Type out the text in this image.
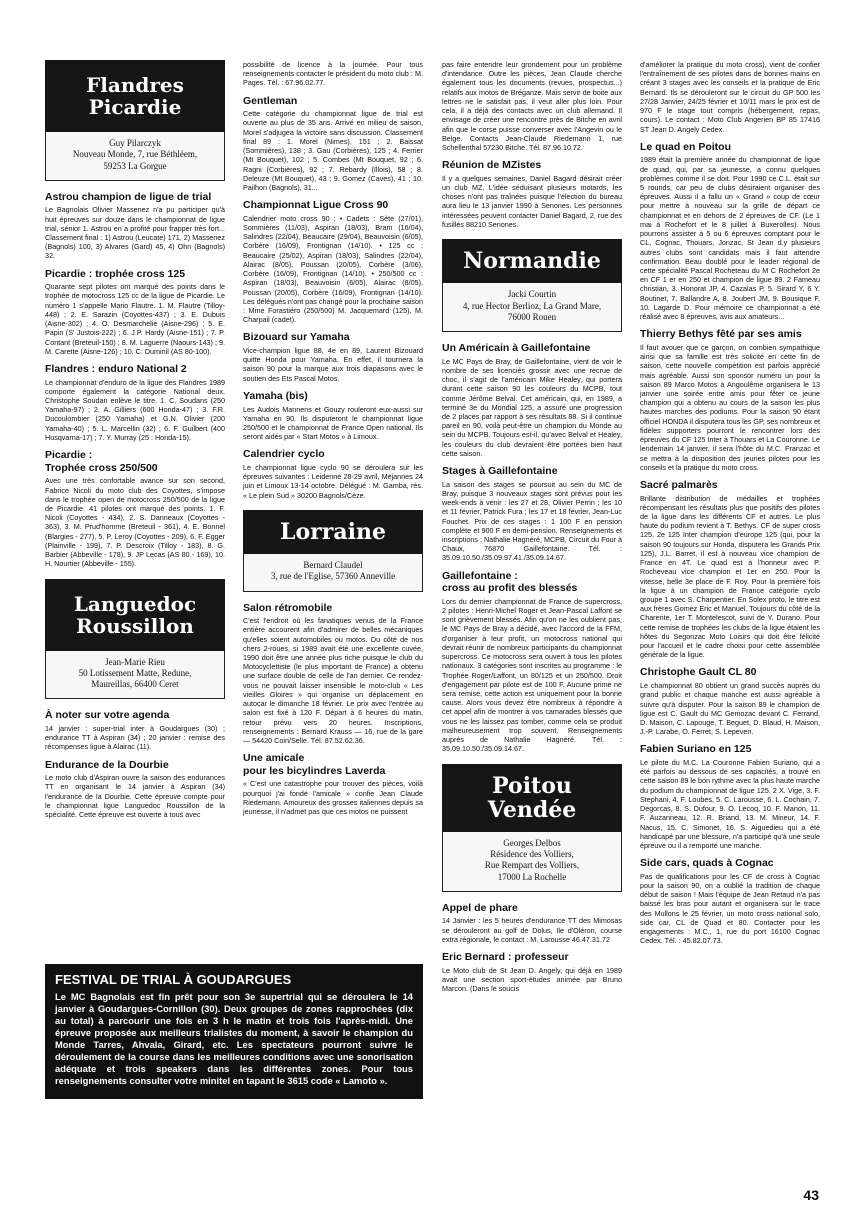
Flandres
Picardie
Guy Pilarczyk
Nouveau Monde, 7, rue Béthléem,
59253 La Gorgue
Astrou champion de ligue de trial

Le Bagnolais Olivier Massenez n'a pu participer qu'à huit épreuves sur douze dans le championnat de ligue trial, sénior 1. Astrou en a profité pour frapper très fort... Classement final : 1) Astrou (Leucate) 171, 2) Massenez (Bagnols) 100, 3) Alvares (Gard) 45, 4) Ohn (Bagnols) 32.

Picardie : trophée cross 125

Quarante sept pilotes ont marqué des points dans le trophée de motocross 125 cc de la ligue de Picardie. Le numéro 1 s'appelle Mario Flautre. 1. M. Flautre (Tilloy-448) ; 2. E. Sarazin (Coyottes-437) ; 3. E. Dubuis (Aisne-302) ; 4. O. Desmarchelie (Aisne-296) ; 5. E. Papin (S' Justois-222) ; 6. J.P. Hardy (Aisne-151) ; 7. P. Contant (Breteuil-150) ; 8. M. Laguerre (Naours-143) ; 9. M. Carette (Aisne-126) ; 10. C. Duminil (AS 80-100).

Flandres : enduro National 2

Le championnat d'enduro de la ligue des Flandres 1989 comporte également la catégorie National deux. Christophe Soudan enlève le titre. 1. C. Soudans (250 Yamaha-97) ; 2. A. Gilliers (600 Honda-47) ; 3. F.R. Ducoulombier (250 Yamaha) et G.N. Olivier (200 Yamaha-40) ; 5. L. Marcellin (32) ; 6. F. Guilbert (400 Husqvarna-17) ; 7. Y. Murray (25 : Honda-15).

Picardie :
Trophée cross 250/500

Avec une très confortable avance sur son second, Fabrice Nicoli du moto club des Coyottes, s'impose dans le trophée open de motocross 250/500 de la ligue de Picardie. 41 pilotes ont marqué des points. 1. F. Nicoli (Coyottes - 434), 2. S. Danneaux (Coyottes - 363), 3. M. Prud'homme (Breteuil - 361), 4. E. Bonnel (Blargies - 277), 5. P. Leroy (Coyottes - 209), 6. F. Egger (Plainville - 199), 7. P. Descroix (Tilloy - 183), 8. G. Barbier (Abbeville - 178), 9. JP Lecas (AS 80 - 169), 10. H. Nourtier (Abbeville - 155).

Languedoc
Roussillon
Jean-Marie Rieu
50 Lotissement Matte, Redune,
Maureillas, 66400 Ceret
À noter sur votre agenda

14 janvier : super-trial inter à Goudargues (30) ; endurance TT à Aspiran (34) ; 20 janvier : remise des récompenses ligue à Alairac (11).

Endurance de la Dourbie

Le moto club d'Aspiran ouvre la saison des endurances TT en organisant le 14 janvier à Aspiran (34) l'endurance de la Dourbie. Cette épreuve compte pour le championnat ligue Languedoc Roussillon de la spécialité. Cette épreuve est ouverte à tous avec

possibilité de licence à la journée. Pour tous renseignements contacter le président du moto club : M. Pages. Tél. : 67.96.02.77.

Gentleman

Cette catégorie du championnat ligue de trial est ouverte au plus de 35 ans. Arrivé en milieu de saison, Morel s'adjugea la victoire sans discussion. Classement final 89 : 1. Morel (Nimes), 151 ; 2. Baissat (Sommières), 138 ; 3. Gau (Corbières), 125 ; 4. Ferrier (Mt Bouquet), 102 ; 5. Combes (Mt Bouquet, 92 ; 6. Ragni (Corbières), 92 ; 7. Rebardy (Illois), 58 ; 8. Deleuze (Mt Bouquet), 43 ; 9. Gomez (Caves), 41 ; 10. Pailhon (Bagnols), 31...

Championnat Ligue Cross 90

Calendrier moto cross 90 : • Cadets : Sète (27/01), Sommières (11/03), Aspiran (18/03), Bram (16/04), Salindres (22/04), Beaucaire (29/04), Beauvoisin (6/05), Corbère (16/09), Frontignan (14/10). • 125 cc : Beaucaire (25/02), Aspiran (18/03), Salindres (22/04), Alairac (8/05), Poussan (20/05), Corbère (3/06), Corbère (16/09), Frontignan (14/10). • 250/500 cc : Aspiran (18/03), Beauvoisin (6/05), Alairac (8/05), Poussan (20/05), Corbère (16/09), Frontignan (14/10). Les délégués n'ont pas changé pour la prochaine saison : Mme Forastiéro (250/500) M. Jacquemard (125), M. Charpail (cadet).

Bizouard sur Yamaha

Vice-champion ligue 88, 4e en 89, Laurent Bizouard quitte Honda pour Yamaha. En effet, il tournera la saison 90 pour la marque aux trois diapasons avec le soutien des Ets Pascal Motos.

Yamaha (bis)

Les Audois Mannens et Gouzy rouleront eux-aussi sur Yamaha en 90. Ils disputeront le championnat ligue 250/500 et le championnat de France Open national. Ils seront aidés par « Start Motos » à Limoux.

Calendrier cyclo

Le championnat ligue cyclo 90 se déroulera sur les épreuves suivantes : Leidenne 28-29 avril, Méjannes 24 juin et Limoux 13-14 octobre. Délégué : M. Gamba, rés. « Le plein Sud » 30200 Bagnols/Cèze.

Lorraine
Bernard Claudel
3, rue de l'Eglise, 57360 Anneville
Salon rétromobile

C'est l'endroit où les fanatiques venus de la France entière accourent afin d'admirer de belles mécaniques qu'elles soient automobiles ou motos. Du côté de nos chers 2-roues, si 1989 avait été une excellente cuvée, 1990 doit être une année plus riche puisque le club du Motocyclettiste (le plus important de France) a obtenu une surface double de celle de l'an dernier. Ce rendez-vous ne pouvait laisser insensible le moto-club « Les vieilles Gloires » qui organise un déplacement en autocar le dimanche 18 février. Le prix avec l'entrée au salon est fixé à 120 F. Départ à 6 heures du matin, retour prévu vers 20 heures. Inscriptions, renseignements : Bernard Krauss — 16, rue de la gare — 54420 Coin/Selle. Tél. 87.52.62.36.

Une amicale
pour les bicylindres Laverda

« C'est une catastrophe pour trouver des pièces, voilà pourquoi j'ai fondé l'amicale » confie Jean Claude Riedemann. Amoureux des grosses italiennes depuis sa jeunesse, il n'admet pas que ces motos ne puissent

pas faire entendre leur grondement pour un problème d'intendance. Outre les pièces, Jean Claude cherche également tous les documents (revues, prospectus...) relatifs aux motos de Bréganze. Mais servir de boite aux lettres ne le satisfait pas, il veut aller plus loin. Pour cela, il a déjà des contacts avec un club allemand. Il envisage de créer une rencontre près de Bitche en avril afin que le corse puisse converser avec l'Angevin ou le Belge. Contacts Jean-Claude Riedemann 1, rue Schellenthal 57230 Bitche. Tél. 87.96.10.72.

Réunion de MZistes

Il y a quelques semaines, Daniel Bagard désirait créer un club MZ. L'idée séduisant plusieurs motards, les choses n'ont pas traînées puisque l'élection du bureau aura lieu le 13 janvier 1990 à Senones. Les personnes intéressées peuvent contacter Daniel Bagard, 2, rue des fusillés 88210 Senones.

Normandie
Jacki Courtin
4, rue Hector Berlioz, La Grand Mare,
76000 Rouen
Un Américain à Gaillefontaine

Le MC Pays de Bray, de Gaillefontaine, vient de voir le nombre de ses licenciés grossir avec une recrue de choc, il s'agit de l'américain Mike Healey, qui portera durant cette saison 90 les couleurs du MCPB, tout comme Jérôme Belval. Cet américain, qui, en 1989, a terminé 3e du Mondial 125, a assuré une progression de 2 places par rapport à ses résultats 88. Si il continue pareil en 90, voilà peut-être un champion du Monde au sein du MCPB. Toujours est-il, qu'avec Belval et Healey, les couleurs du club devraient être portées bien haut cette saison.

Stages à Gaillefontaine

La saison des stages se poursuit au sein du MC de Bray, puisque 3 nouveaux stages sont prévus pour les week-ends à venir : les 27 et 28, Olivier Perrin ; les 10 et 11 février, Patrick Fura ; les 17 et 18 février, Jean-Luc Fouchet. Prix de ces stages : 1 100 F en pension complète et 900 F en demi-pension. Renseignements et inscriptions : Nathalie Hagnéré, MCPB, Circuit du Four à Chaux, 76870 Gaillefontaine. Tél. : 35.09.10.50./35.09.97.41./35.09.14.67.

Gaillefontaine :
cross au profit des blessés

Lors du dernier championnat de France de supercross, 2 pilotes : Henri-Michel Roger et Jean-Pascal Laffont se sont grièvement blessés. Afin qu'on ne les oublient pas, le MC Pays de Bray a décidé, avec l'accord de la FFM, d'organiser à leur profit, un motocross national qui devrait réunir de nombreux participants du championnat supercross. Ce motocross sera ouvert à tous les pilotes nationaux. 3 catégories sont inscrites au programme : le Trophée Roger/Laffont, un 80/125 et un 250/500. Droit d'engagement par pilote est de 100 F. Aucune prime ne sera remise, cette action est uniquement pour la bonne cause. Alors vous devez être nombreux à répondre à cet appel afin de montrer à vos camarades blessés que vous ne les laissez pas tomber, comme cela se produit malheureusement trop souvent. Renseignements auprès de Nathalie Hagnéré. Tél. : 35.09.10.50./35.09.14.67.

Poitou Vendée
Georges Delbos
Résidence des Volliers,
Rue Rempart des Volliers,
17000 La Rochelle
Appel de phare

14 Janvier : les 5 heures d'endurance TT des Mimosas se dérouleront au golf de Dolus, Ile d'Oléron, course extra régionale, le contact : M. Larousse 46.47.31.72

Eric Bernard : professeur

Le Moto club de St Jean D. Angely, qui déjà en 1989 avait une section sport-études animée par Bruno Marcon. (Dans le soucis

d'améliorer la pratique du moto cross), vient de confier l'entraînement de ses pilotes dans de bonnes mains en créant 3 stages avec les conseils et la pratique de Eric Bernard. Ils se dérouleront sur le circuit du GP 500 les 27/28 Janvier, 24/25 février et 10/11 mars le prix est de 970 F le stage tout compris (hébergement, repas, cours). Le contact : Moto Club Angerien BP 85 17416 ST Jean D. Angely Cedex.

Le quad en Poitou

1989 était la première année du championnat de ligue de quad, qui, par sa jeunesse, a connu quelques problèmes comme il se doit. Pour 1990 ce C.L. était sur 5 rounds, car peu de clubs désiraient organiser des épreuves. Aussi il a fallu un « Grand » coup de cœur pour mettre à nouveau sur la grille de départ ce championnat et en dehors de 2 épreuves de CF. (Le 1 mai à Rochefort et le 8 juillet à Buxerolles). Nous pourrons assister à 5 ou 6 épreuves comptant pour le CL, Cognac, Thouars, Jonzac, St Jean d.y plusieurs autres clubs sont candidats mais il faut attendre confirmation. Beau doublé pour le leader régional de cette spécialité Pascal Rocheteau du M C Rochefort 2e en CF 1 er en 250 et champion de ligue 89. 2 Fameau christian, 3. Honorat JP, 4. Cazalas P, 5. Sirard Y, 6 Y. Boutinet, 7. Ballandre A, 8. Joubert JM, 9. Bousique F, 10. Lagarde D. Pour mémoire ce championnat a été réalisé avec 8 épreuves, avis aux amateurs...

Thierry Bethys fêté par ses amis

Il faut avouer que ce garçon, on combien sympathique ainsi que sa famille est très solicité en cette fin de saison, cette nouvelle compétition est parfois apprécié mais agréable. Aussi son sponsor numéro un pour la saison 89 Marco Motos à Angoulême organisera le 13 janvier une soirée entre amis pour fêter ce jeune champion qui a obtenu au cours de la saison les plus hautes marches des podiums. Pour la saison 90 étant officiel HONDA il disputera tous les GP, ses nombreux et fidèles supporters pourront le rencontrer lors des épreuves du CF 125 Inter à Thouars et La Couronne. Le lendemain 14 janvier, il sera l'hôte du M.C. Franzac et se mettra à la disposition des jeunes pilotes pour les conseils et la pratique du moto cross.

Sacré palmarès

Brillante distribution de médailles et trophées récompensant les résultats plus que positifs des pilotes de la ligue dans les différents CF et autres. Le plus haute du podium revient à T. Bethys. CF de super cross 125. 2e 125 Inter champion d'europe 125 (qui, pour la saison 90 toujours sur Honda, disputera les Grands Prix 125), J.L. Barret, il est à nouveau vice champion de France en 4T. Le quad est à l'honneur avec P. Rocheveau vice champion et 1er en 250. Pour la vitesse, belle 3e place de F. Roy. Pour la première fois la ligue à un champion de France catégorie cyclo groupe 1 avec S. Charpentier. En Solex proto, le titre est aux frères Gomez Eric et Manuel. Toujours du côté de la Charente, 1er T. Montelescot, suivi de Y. Durano. Pour cette remise de trophées les clubs de la ligue étaient les hôtes du Segonzac Moto Loisirs qui doit être félicité pour l'accueil et le cadre choisi pour cette assemblée générale de la ligue.

Christophe Gault CL 80

Le championnat 80 obtient un grand succès auprès du grand public et chaque manche est aussi agréable à suivre qu'à disputer. Pour la saison 89 le champion de ligue est C. Gault du MC Gemozac devant C. Ferrand, D. Maison, C. Lapouge, T. Beguet, D. Blaud, H. Maison, J.-P. Larabe, O. Ferret, S. Lepeven.

Fabien Suriano en 125

Le pilote du M.C. La Couronne Fabien Suriano, qui a été parfois au dessous de ses capacités, a trouvé en cette saison 89 le bon rythme avec la plus haute marche du podium du championnat de ligue 125. 2 X. Vige, 3. F. Stephani, 4. F. Loubes, 5. C. Larousse, 6. L. Cochain, 7. Degorcas, 8. S. Dufour, 9. O. Lecoq, 10. F. Manon, 11. F. Auzanneau, 12. R. Briand, 13. M. Mineur, 14. F. Nacus, 15. C. Simonet, 16. S. Aiguedieu qui a été handicapé par une blessure, n'a participé qu'à une seule épreuve ou il a remporté une manche.

Side cars, quads à Cognac

Pas de qualifications pour les CF de cross à Cognac pour la saison 90, on a oublié la tradition de chaque début de saison ! Mais l'équipe de Jean Retaud n'a pas baissé les bras pour autant et organisera sur le trace des Mullons le 25 février, un moto cross national solo, side car, CL de Quad et 80. Contacter pour les engagements : M.C., 1, rue du port 16100 Cognac Cedex. Tél. : 45.82.07.73.

FESTIVAL DE TRIAL À GOUDARGUES

Le MC Bagnolais est fin prêt pour son 3e supertrial qui se déroulera le 14 janvier à Goudargues-Cornillon (30). Deux groupes de zones rapprochées (dix au total) à parcourir une fois en 3 h le matin et trois fois l'après-midi. Une épreuve proposée aux meilleurs trialistes du moment, à savoir le champion du Monde Tarres, Ahvala, Girard, etc. Les spectateurs pourront suivre le déroulement de la course dans les meilleures conditions avec une sonorisation adéquate et trois speakers dans les différentes zones. Pour tous renseignements consulter votre minitel en tapant le 3615 code « Lamoto ».

43
